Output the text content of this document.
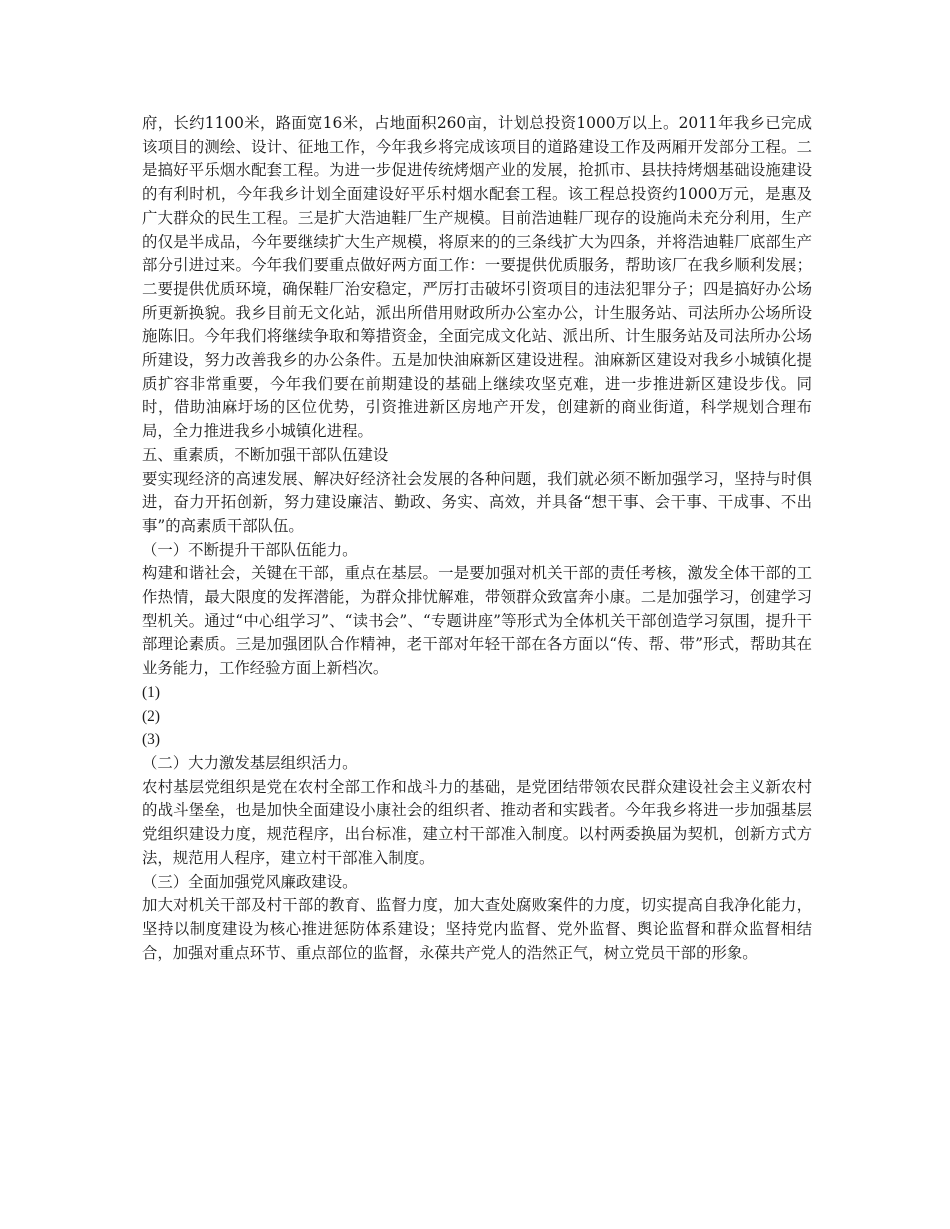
府，长约1100米，路面宽16米，占地面积260亩，计划总投资1000万以上。2011年我乡已完成该项目的测绘、设计、征地工作，今年我乡将完成该项目的道路建设工作及两厢开发部分工程。二是搞好平乐烟水配套工程。为进一步促进传统烤烟产业的发展，抢抓市、县扶持烤烟基础设施建设的有利时机，今年我乡计划全面建设好平乐村烟水配套工程。该工程总投资约1000万元，是惠及广大群众的民生工程。三是扩大浩迪鞋厂生产规模。目前浩迪鞋厂现存的设施尚未充分利用，生产的仅是半成品，今年要继续扩大生产规模，将原来的的三条线扩大为四条，并将浩迪鞋厂底部生产部分引进过来。今年我们要重点做好两方面工作：一要提供优质服务，帮助该厂在我乡顺利发展；二要提供优质环境，确保鞋厂治安稳定，严厉打击破坏引资项目的违法犯罪分子；四是搞好办公场所更新换貌。我乡目前无文化站，派出所借用财政所办公室办公，计生服务站、司法所办公场所设施陈旧。今年我们将继续争取和筹措资金，全面完成文化站、派出所、计生服务站及司法所办公场所建设，努力改善我乡的办公条件。五是加快油麻新区建设进程。油麻新区建设对我乡小城镇化提质扩容非常重要，今年我们要在前期建设的基础上继续攻坚克难，进一步推进新区建设步伐。同时，借助油麻圩场的区位优势，引资推进新区房地产开发，创建新的商业街道，科学规划合理布局，全力推进我乡小城镇化进程。

五、重素质，不断加强干部队伍建设

要实现经济的高速发展、解决好经济社会发展的各种问题，我们就必须不断加强学习，坚持与时俱进，奋力开拓创新，努力建设廉洁、勤政、务实、高效，并具备“想干事、会干事、干成事、不出事”的高素质干部队伍。

（一）不断提升干部队伍能力。

构建和谐社会，关键在干部，重点在基层。一是要加强对机关干部的责任考核，激发全体干部的工作热情，最大限度的发挥潜能，为群众排忧解难，带领群众致富奔小康。二是加强学习，创建学习型机关。通过“中心组学习”、“读书会”、“专题讲座”等形式为全体机关干部创造学习氛围，提升干部理论素质。三是加强团队合作精神，老干部对年轻干部在各方面以“传、帮、带”形式，帮助其在业务能力，工作经验方面上新档次。

(1)

(2)

(3)

（二）大力激发基层组织活力。

农村基层党组织是党在农村全部工作和战斗力的基础，是党团结带领农民群众建设社会主义新农村的战斗堡垒，也是加快全面建设小康社会的组织者、推动者和实践者。今年我乡将进一步加强基层党组织建设力度，规范程序，出台标准，建立村干部准入制度。以村两委换届为契机，创新方式方法，规范用人程序，建立村干部准入制度。

（三）全面加强党风廉政建设。

加大对机关干部及村干部的教育、监督力度，加大查处腐败案件的力度，切实提高自我净化能力，坚持以制度建设为核心推进惩防体系建设；坚持党内监督、党外监督、舆论监督和群众监督相结合，加强对重点环节、重点部位的监督，永葆共产党人的浩然正气，树立党员干部的形象。
